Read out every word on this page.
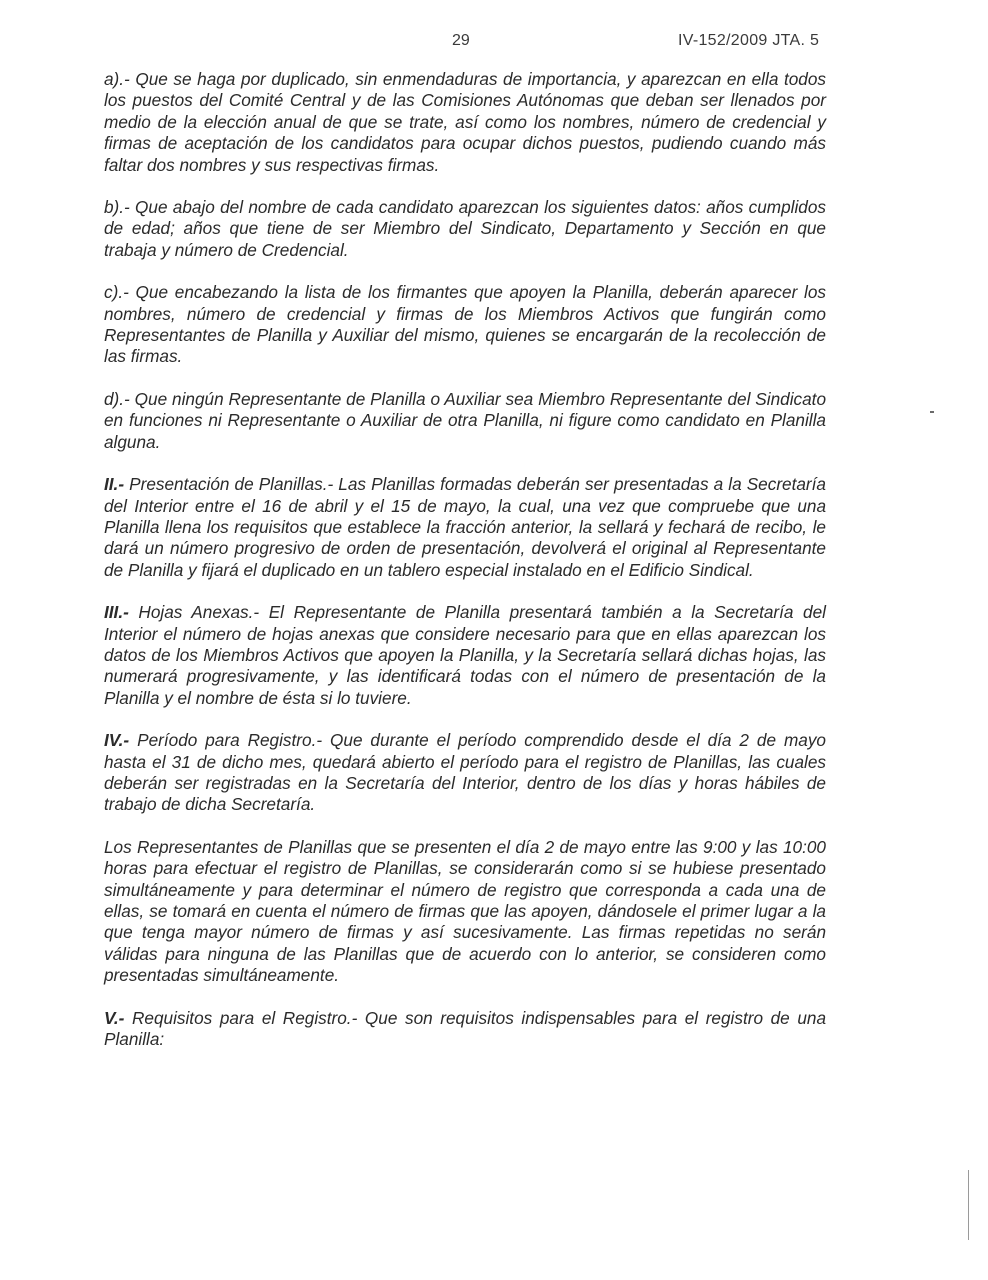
29	IV-152/2009 JTA. 5

a).- Que se haga por duplicado, sin enmendaduras de importancia, y aparezcan en ella todos los puestos del Comité Central y de las Comisiones Autónomas que deban ser llenados por medio de la elección anual de que se trate, así como los nombres, número de credencial y firmas de aceptación de los candidatos para ocupar dichos puestos, pudiendo cuando más faltar dos nombres y sus respectivas firmas.

b).- Que abajo del nombre de cada candidato aparezcan los siguientes datos: años cumplidos de edad; años que tiene de ser Miembro del Sindicato, Departamento y Sección en que trabaja y número de Credencial.

c).- Que encabezando la lista de los firmantes que apoyen la Planilla, deberán aparecer los nombres, número de credencial y firmas de los Miembros Activos que fungirán como Representantes de Planilla y Auxiliar del mismo, quienes se encargarán de la recolección de las firmas.

d).- Que ningún Representante de Planilla o Auxiliar sea Miembro Representante del Sindicato en funciones ni Representante o Auxiliar de otra Planilla, ni figure como candidato en Planilla alguna.

II.- Presentación de Planillas.- Las Planillas formadas deberán ser presentadas a la Secretaría del Interior entre el 16 de abril y el 15 de mayo, la cual, una vez que compruebe que una Planilla llena los requisitos que establece la fracción anterior, la sellará y fechará de recibo, le dará un número progresivo de orden de presentación, devolverá el original al Representante de Planilla y fijará el duplicado en un tablero especial instalado en el Edificio Sindical.

III.- Hojas Anexas.- El Representante de Planilla presentará también a la Secretaría del Interior el número de hojas anexas que considere necesario para que en ellas aparezcan los datos de los Miembros Activos que apoyen la Planilla, y la Secretaría sellará dichas hojas, las numerará progresivamente, y las identificará todas con el número de presentación de la Planilla y el nombre de ésta si lo tuviere.

IV.- Período para Registro.- Que durante el período comprendido desde el día 2 de mayo hasta el 31 de dicho mes, quedará abierto el período para el registro de Planillas, las cuales deberán ser registradas en la Secretaría del Interior, dentro de los días y horas hábiles de trabajo de dicha Secretaría.

Los Representantes de Planillas que se presenten el día 2 de mayo entre las 9:00 y las 10:00 horas para efectuar el registro de Planillas, se considerarán como si se hubiese presentado simultáneamente y para determinar el número de registro que corresponda a cada una de ellas, se tomará en cuenta el número de firmas que las apoyen, dándosele el primer lugar a la que tenga mayor número de firmas y así sucesivamente. Las firmas repetidas no serán válidas para ninguna de las Planillas que de acuerdo con lo anterior, se consideren como presentadas simultáneamente.

V.- Requisitos para el Registro.- Que son requisitos indispensables para el registro de una Planilla:
